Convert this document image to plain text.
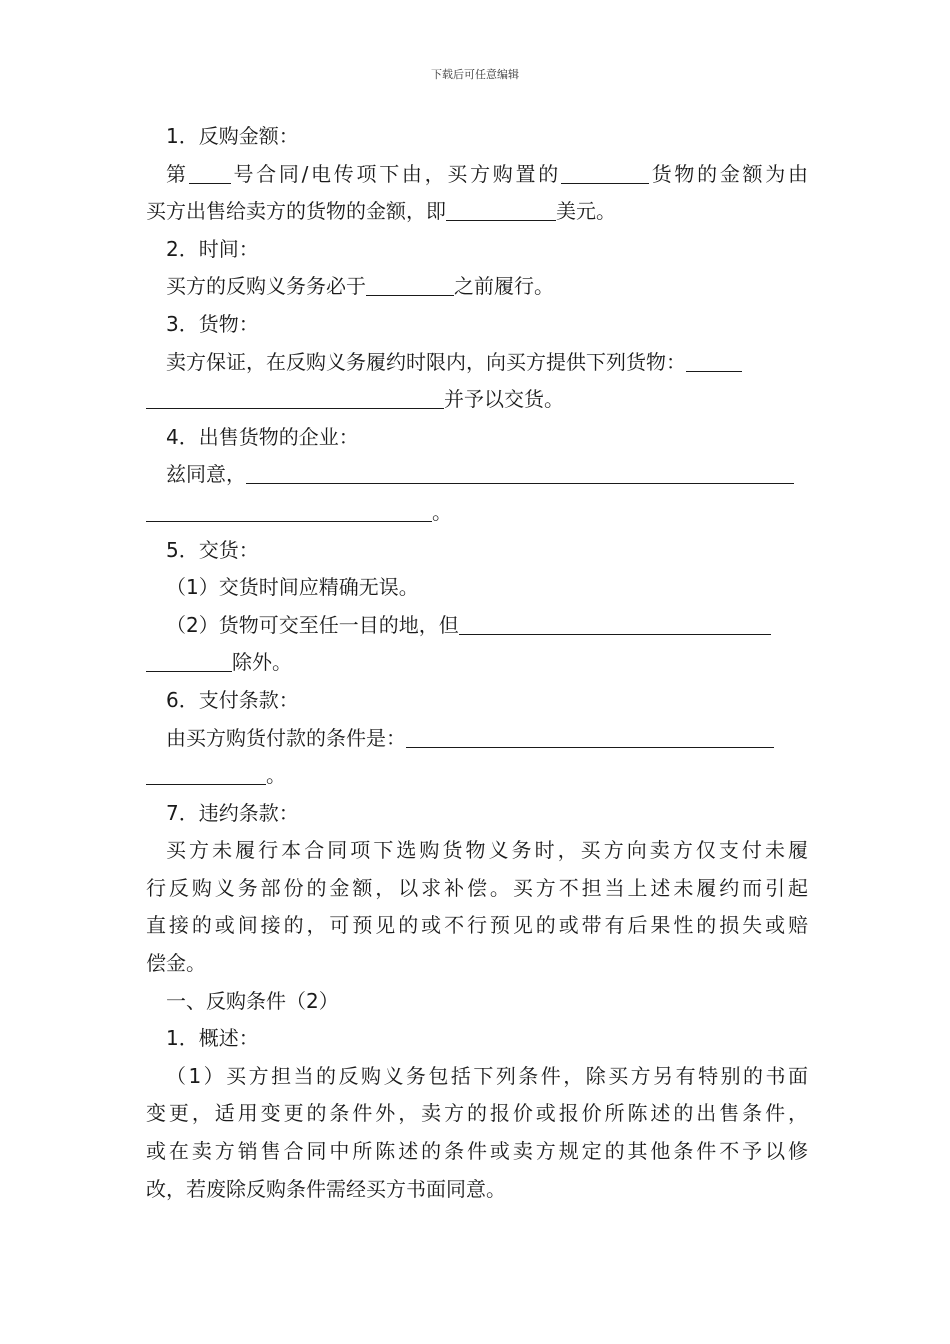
下载后可任意编辑
1．反购金额：
第 号合同/电传项下由，买方购置的	货物的金额为由
买方出售给卖方的货物的金额，即	美元。
2．时间：
买方的反购义务务必于	之前履行。
3．货物：
卖方保证，在反购义务履约时限内，向买方提供下列货物：
并予以交货。
4．出售货物的企业：
兹同意，
。
5．交货：
（1）交货时间应精确无误。
（2）货物可交至任一目的地，但
除外。
6．支付条款：
由买方购货付款的条件是：
。
7．违约条款：
买方未履行本合同项下选购货物义务时，买方向卖方仅支付未履
行反购义务部份的金额，以求补偿。买方不担当上述未履约而引起
直接的或间接的，可预见的或不行预见的或带有后果性的损失或赔
偿金。
一、反购条件（2）
1．概述：
（1）买方担当的反购义务包括下列条件，除买方另有特别的书面
变更，适用变更的条件外，卖方的报价或报价所陈述的出售条件，
或在卖方销售合同中所陈述的条件或卖方规定的其他条件不予以修
改，若废除反购条件需经买方书面同意。
